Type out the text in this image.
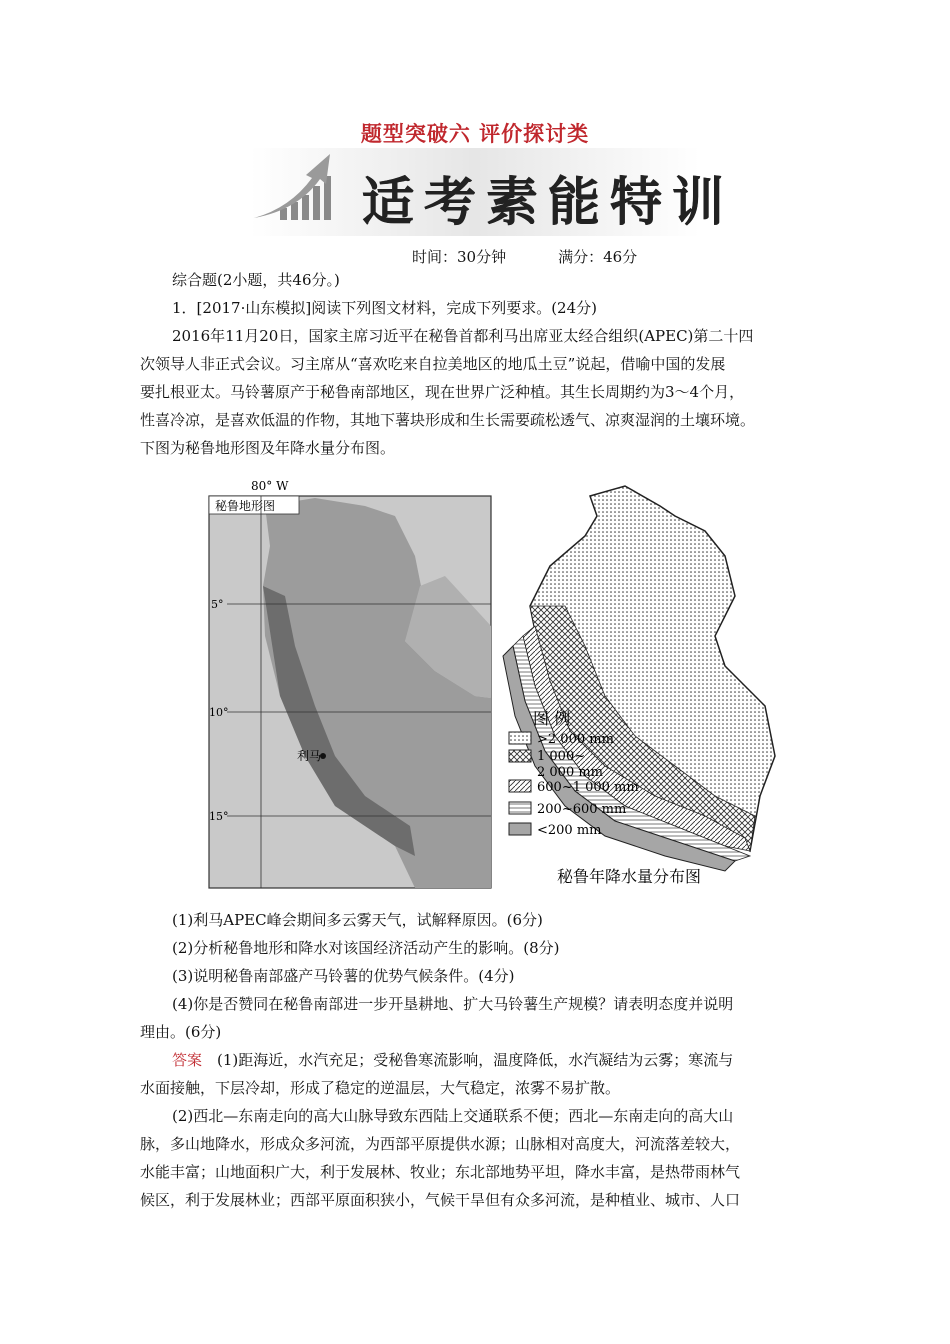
题型突破六 评价探讨类
适考素能特训
时间：30分钟	满分：46分

综合题(2小题，共46分。)

1．[2017·山东模拟]阅读下列图文材料，完成下列要求。(24分)

2016年11月20日，国家主席习近平在秘鲁首都利马出席亚太经合组织(APEC)第二十四

次领导人非正式会议。习主席从“喜欢吃来自拉美地区的地瓜土豆”说起，借喻中国的发展

要扎根亚太。马铃薯原产于秘鲁南部地区，现在世界广泛种植。其生长周期约为3～4个月，

性喜冷凉，是喜欢低温的作物，其地下薯块形成和生长需要疏松透气、凉爽湿润的土壤环境。

下图为秘鲁地形图及年降水量分布图。

秘鲁地形图
80° W
5°
10°
15°
利马
图 例
>2 000 mm
1 000~
2 000 mm
600~1 000 mm
200~600 mm
<200 mm
秘鲁年降水量分布图

(1)利马APEC峰会期间多云雾天气，试解释原因。(6分)

(2)分析秘鲁地形和降水对该国经济活动产生的影响。(8分)

(3)说明秘鲁南部盛产马铃薯的优势气候条件。(4分)

(4)你是否赞同在秘鲁南部进一步开垦耕地、扩大马铃薯生产规模？请表明态度并说明

理由。(6分)

答案　 (1)距海近，水汽充足；受秘鲁寒流影响，温度降低，水汽凝结为云雾；寒流与

水面接触，下层冷却，形成了稳定的逆温层，大气稳定，浓雾不易扩散。

(2)西北—东南走向的高大山脉导致东西陆上交通联系不便；西北—东南走向的高大山

脉，多山地降水，形成众多河流，为西部平原提供水源；山脉相对高度大，河流落差较大，

水能丰富；山地面积广大，利于发展林、牧业；东北部地势平坦，降水丰富，是热带雨林气

候区，利于发展林业；西部平原面积狭小，气候干旱但有众多河流，是种植业、城市、人口
